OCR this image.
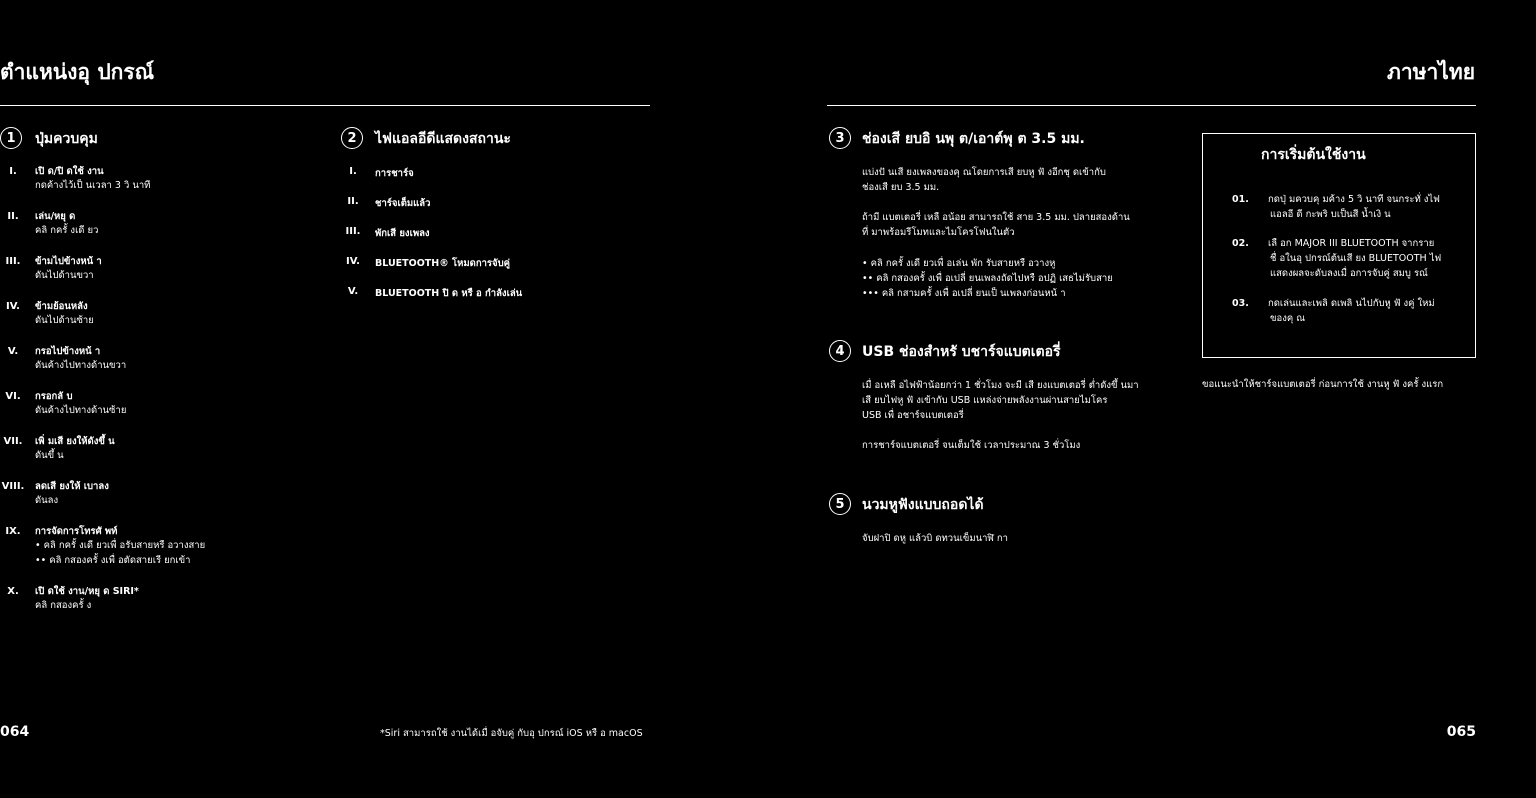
ตำแหน่งอุ ปกรณ์	ภาษาไทย
1	ปุ่มควบคุม
I.	เปิ ด/ปิ ดใช้ งาน
กดค้างไว้เป็ นเวลา 3 วิ นาที
II.	เล่น/หยุ ด
คลิ กครั้ งเดี ยว
III.	ข้ามไปข้างหน้ า
ดันไปด้านขวา
IV.	ข้ามย้อนหลัง
ดันไปด้านซ้าย
V.	กรอไปข้างหน้ า
ดันค้างไปทางด้านขวา
VI.	กรอกลั บ
ดันค้างไปทางด้านซ้าย
VII.	เพิ่ มเสี ยงให้ดังขึ้ น
ดันขึ้ น
VIII.	ลดเสี ยงให้ เบาลง
ดันลง
IX.	การจัดการโทรศั พท์
• คลิ กครั้ งเดี ยวเพื่ อรับสายหรื อวางสาย
•• คลิ กสองครั้ งเพื่ อตัดสายเรี ยกเข้า
X.	เปิ ดใช้ งาน/หยุ ด SIRI*
คลิ กสองครั้ ง
2	ไฟแอลอีดีแสดงสถานะ
I.	การชาร์จ
II.	ชาร์จเต็มแล้ว
III.	พักเสี ยงเพลง
IV.	BLUETOOTH® โหมดการจับคู่
V.	BLUETOOTH ปิ ด หรื อ กำลังเล่น
3	ช่องเสี ยบอิ นพุ ต/เอาต์พุ ต 3.5 มม.
แบ่งปั นเสี ยงเพลงของคุ ณโดยการเสี ยบหู ฟั งอีกชุ ดเข้ากับ
ช่องเสี ยบ 3.5 มม.
ถ้ามี แบตเตอรี่ เหลื อน้อย สามารถใช้ สาย 3.5 มม. ปลายสองด้าน
ที่ มาพร้อมรีโมทและไมโครโฟนในตัว
• คลิ กครั้ งเดี ยวเพื่ อเล่น พัก รับสายหรื อวางหู
•• คลิ กสองครั้ งเพื่ อเปลี่ ยนเพลงถัดไปหรื อปฏิ เสธไม่รับสาย
••• คลิ กสามครั้ งเพื่ อเปลี่ ยนเป็ นเพลงก่อนหน้ า
4	USB ช่องสำหรั บชาร์จแบตเตอรี่
เมื่ อเหลื อไฟฟ้าน้อยกว่า 1 ชั่วโมง จะมี เสี ยงแบตเตอรี่ ต่ำดังขึ้ นมา
เสี ยบไฟหู ฟั งเข้ากับ USB แหล่งจ่ายพลังงานผ่านสายไมโคร
USB เพื่ อชาร์จแบตเตอรี่
การชาร์จแบตเตอรี่ จนเต็มใช้ เวลาประมาณ 3 ชั่วโมง
5	นวมหูฟังแบบถอดได้
จับฝาปิ ดหู แล้วบิ ดทวนเข็มนาฬิ กา
การเริ่มต้นใช้งาน
01. กดปุ่ มควบคุ มค้าง 5 วิ นาที จนกระทั่ งไฟ
แอลอี ดี กะพริ บเป็นสี น้ำเงิ น
02. เลื อก MAJOR III BLUETOOTH จากราย
ชื่ อในอุ ปกรณ์ต้นเสี ยง BLUETOOTH ไฟ
แสดงผลจะดับลงเมื่ อการจับคู่ สมบู รณ์
03. กดเล่นและเพลิ ดเพลิ นไปกับหู ฟั งคู่ ใหม่
ของคุ ณ
ขอแนะนำให้ชาร์จแบตเตอรี่ ก่อนการใช้ งานหู ฟั งครั้ งแรก
064	*Siri สามารถใช้ งานได้เมื่ อจับคู่ กับอุ ปกรณ์ iOS หรื อ macOS	065
